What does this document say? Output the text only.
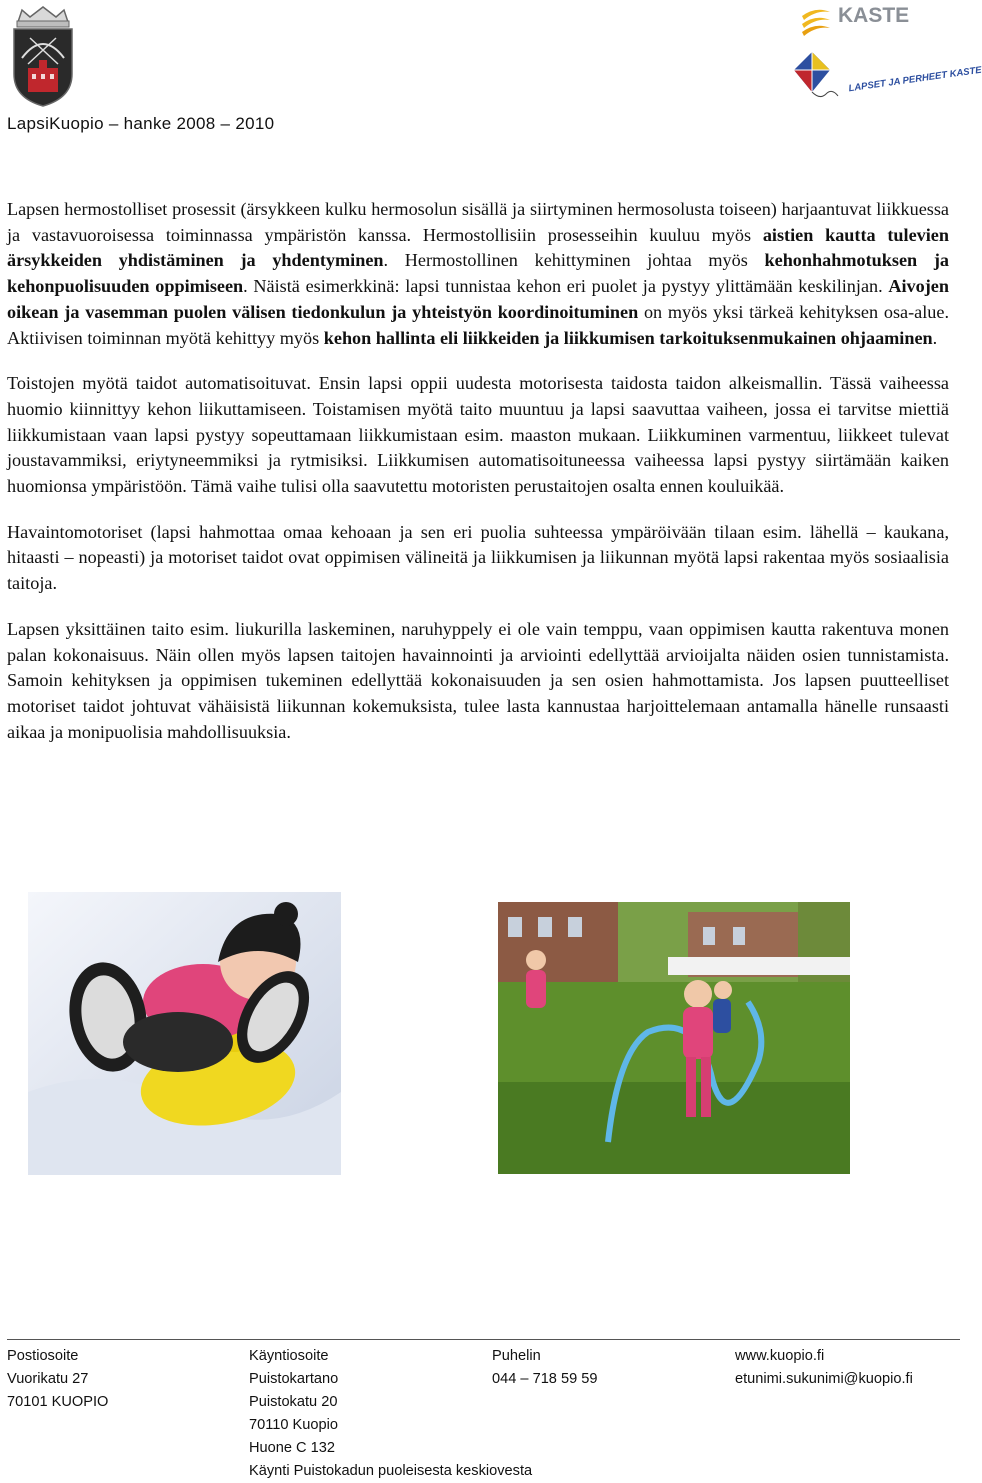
KASTE
LAPSET JA PERHEET KASTE
LapsiKuopio – hanke 2008 – 2010

Lapsen hermostolliset prosessit (ärsykkeen kulku hermosolun sisällä ja siirtyminen hermosolusta toiseen) harjaantuvat liikkuessa ja vastavuoroisessa toiminnassa ympäristön kanssa. Hermostollisiin prosesseihin kuuluu myös aistien kautta tulevien ärsykkeiden yhdistäminen ja yhdentyminen. Hermostollinen kehittyminen johtaa myös kehonhahmotuksen ja kehonpuolisuuden oppimiseen. Näistä esimerkkinä: lapsi tunnistaa kehon eri puolet ja pystyy ylittämään keskilinjan. Aivojen oikean ja vasemman puolen välisen tiedonkulun ja yhteistyön koordinoituminen on myös yksi tärkeä kehityksen osa-alue. Aktiivisen toiminnan myötä kehittyy myös kehon hallinta eli liikkeiden ja liikkumisen tarkoituksenmukainen ohjaaminen.

Toistojen myötä taidot automatisoituvat. Ensin lapsi oppii uudesta motorisesta taidosta taidon alkeismallin. Tässä vaiheessa huomio kiinnittyy kehon liikuttamiseen. Toistamisen myötä taito muuntuu ja lapsi saavuttaa vaiheen, jossa ei tarvitse miettiä liikkumistaan vaan lapsi pystyy sopeuttamaan liikkumistaan esim. maaston mukaan. Liikkuminen varmentuu, liikkeet tulevat joustavammiksi, eriytyneemmiksi ja rytmisiksi. Liikkumisen automatisoituneessa vaiheessa lapsi pystyy siirtämään kaiken huomionsa ympäristöön. Tämä vaihe tulisi olla saavutettu motoristen perustaitojen osalta ennen kouluikää.

Havaintomotoriset (lapsi hahmottaa omaa kehoaan ja sen eri puolia suhteessa ympäröivään tilaan esim. lähellä – kaukana, hitaasti – nopeasti) ja motoriset taidot ovat oppimisen välineitä ja liikkumisen ja liikunnan myötä lapsi rakentaa myös sosiaalisia taitoja.

Lapsen yksittäinen taito esim. liukurilla laskeminen, naruhyppely ei ole vain temppu, vaan oppimisen kautta rakentuva monen palan kokonaisuus. Näin ollen myös lapsen taitojen havainnointi ja arviointi edellyttää arvioijalta näiden osien tunnistamista. Samoin kehityksen ja oppimisen tukeminen edellyttää kokonaisuuden ja sen osien hahmottamista. Jos lapsen puutteelliset motoriset taidot johtuvat vähäisistä liikunnan kokemuksista, tulee lasta kannustaa harjoittelemaan antamalla hänelle runsaasti aikaa ja monipuolisia mahdollisuuksia.

Postiosoite
Vuorikatu 27
70101 KUOPIO
Käyntiosoite
Puistokartano
Puistokatu 20
70110 Kuopio
Huone C 132
Käynti Puistokadun puoleisesta keskiovesta
Puhelin
044 – 718 59 59
www.kuopio.fi
etunimi.sukunimi@kuopio.fi
